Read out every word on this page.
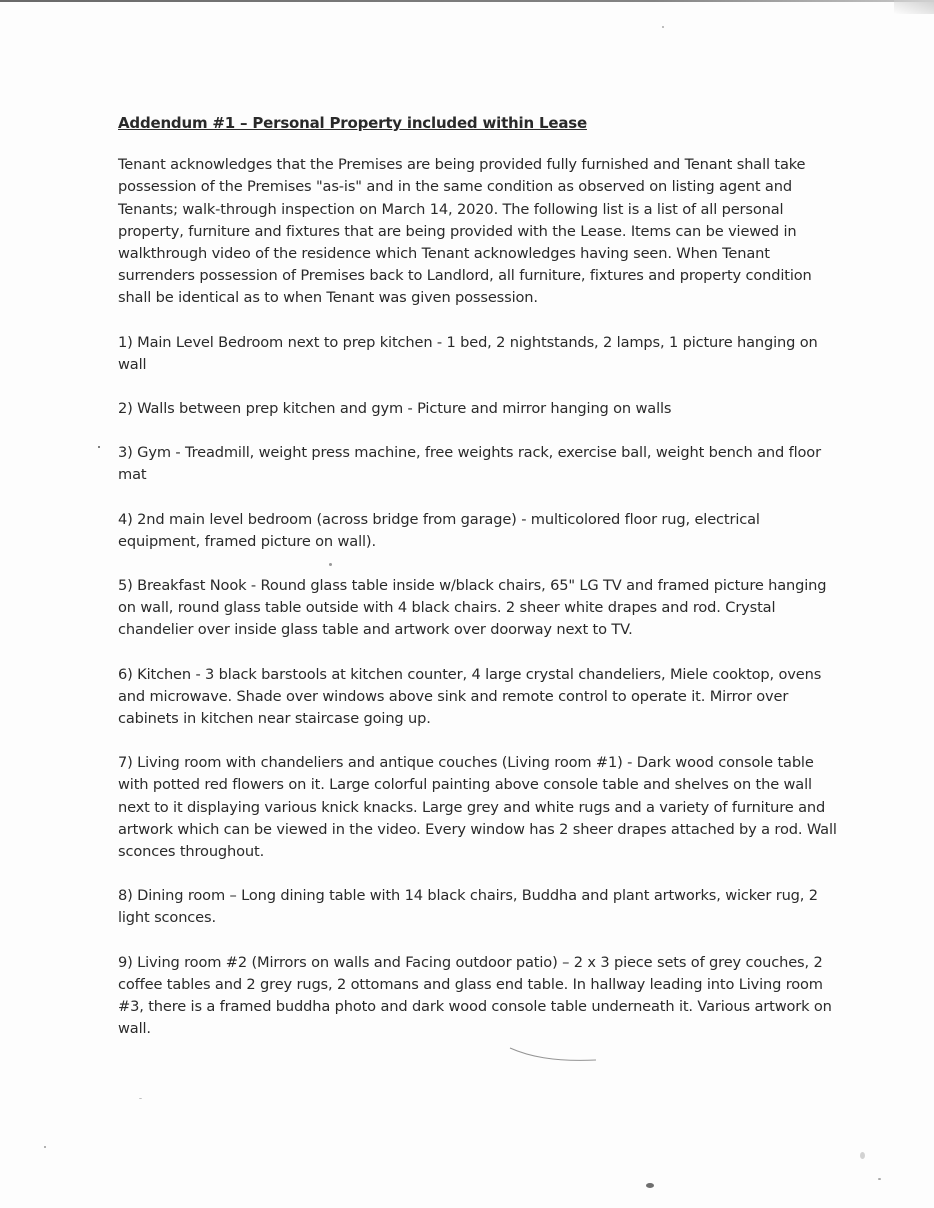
Addendum #1 – Personal Property included within Lease

Tenant acknowledges that the Premises are being provided fully furnished and Tenant shall take possession of the Premises "as-is" and in the same condition as observed on listing agent and Tenants; walk-through inspection on March 14, 2020. The following list is a list of all personal property, furniture and fixtures that are being provided with the Lease. Items can be viewed in walkthrough video of the residence which Tenant acknowledges having seen. When Tenant surrenders possession of Premises back to Landlord, all furniture, fixtures and property condition shall be identical as to when Tenant was given possession.

1) Main Level Bedroom next to prep kitchen - 1 bed, 2 nightstands, 2 lamps, 1 picture hanging on wall

2) Walls between prep kitchen and gym - Picture and mirror hanging on walls

3) Gym - Treadmill, weight press machine, free weights rack, exercise ball, weight bench and floor mat

4) 2nd main level bedroom (across bridge from garage) - multicolored floor rug, electrical equipment, framed picture on wall).

5) Breakfast Nook - Round glass table inside w/black chairs, 65" LG TV and framed picture hanging on wall, round glass table outside with 4 black chairs. 2 sheer white drapes and rod. Crystal chandelier over inside glass table and artwork over doorway next to TV.

6) Kitchen - 3 black barstools at kitchen counter, 4 large crystal chandeliers, Miele cooktop, ovens and microwave. Shade over windows above sink and remote control to operate it. Mirror over cabinets in kitchen near staircase going up.

7) Living room with chandeliers and antique couches (Living room #1) - Dark wood console table with potted red flowers on it. Large colorful painting above console table and shelves on the wall next to it displaying various knick knacks. Large grey and white rugs and a variety of furniture and artwork which can be viewed in the video. Every window has 2 sheer drapes attached by a rod. Wall sconces throughout.

8) Dining room – Long dining table with 14 black chairs, Buddha and plant artworks, wicker rug, 2 light sconces.

9) Living room #2 (Mirrors on walls and Facing outdoor patio) – 2 x 3 piece sets of grey couches, 2 coffee tables and 2 grey rugs, 2 ottomans and glass end table. In hallway leading into Living room #3, there is a framed buddha photo and dark wood console table underneath it. Various artwork on wall.
